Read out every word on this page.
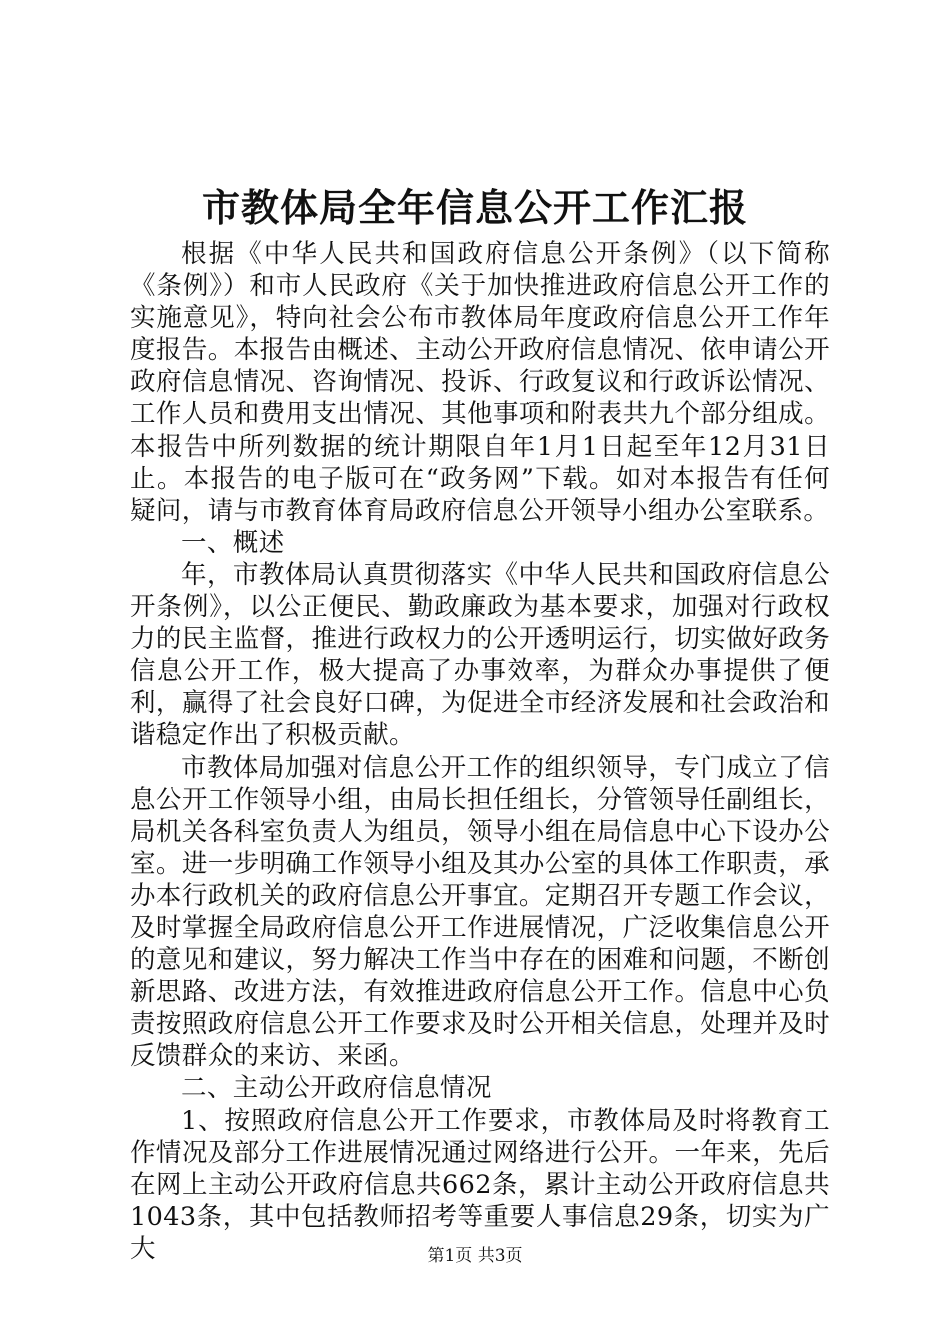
市教体局全年信息公开工作汇报

根据《中华人民共和国政府信息公开条例》（以下简称《条例》）和市人民政府《关于加快推进政府信息公开工作的实施意见》，特向社会公布市教体局年度政府信息公开工作年度报告。本报告由概述、主动公开政府信息情况、依申请公开政府信息情况、咨询情况、投诉、行政复议和行政诉讼情况、工作人员和费用支出情况、其他事项和附表共九个部分组成。本报告中所列数据的统计期限自年1月1日起至年12月31日止。本报告的电子版可在“政务网”下载。如对本报告有任何疑问，请与市教育体育局政府信息公开领导小组办公室联系。

一、概述

年，市教体局认真贯彻落实《中华人民共和国政府信息公开条例》，以公正便民、勤政廉政为基本要求，加强对行政权力的民主监督，推进行政权力的公开透明运行，切实做好政务信息公开工作，极大提高了办事效率，为群众办事提供了便利，赢得了社会良好口碑，为促进全市经济发展和社会政治和谐稳定作出了积极贡献。

市教体局加强对信息公开工作的组织领导，专门成立了信息公开工作领导小组，由局长担任组长，分管领导任副组长，局机关各科室负责人为组员，领导小组在局信息中心下设办公室。进一步明确工作领导小组及其办公室的具体工作职责，承办本行政机关的政府信息公开事宜。定期召开专题工作会议，及时掌握全局政府信息公开工作进展情况，广泛收集信息公开的意见和建议，努力解决工作当中存在的困难和问题，不断创新思路、改进方法，有效推进政府信息公开工作。信息中心负责按照政府信息公开工作要求及时公开相关信息，处理并及时反馈群众的来访、来函。

二、主动公开政府信息情况

1、按照政府信息公开工作要求，市教体局及时将教育工作情况及部分工作进展情况通过网络进行公开。一年来，先后在网上主动公开政府信息共662条，累计主动公开政府信息共1043条，其中包括教师招考等重要人事信息29条，切实为广大	第1页 共3页
